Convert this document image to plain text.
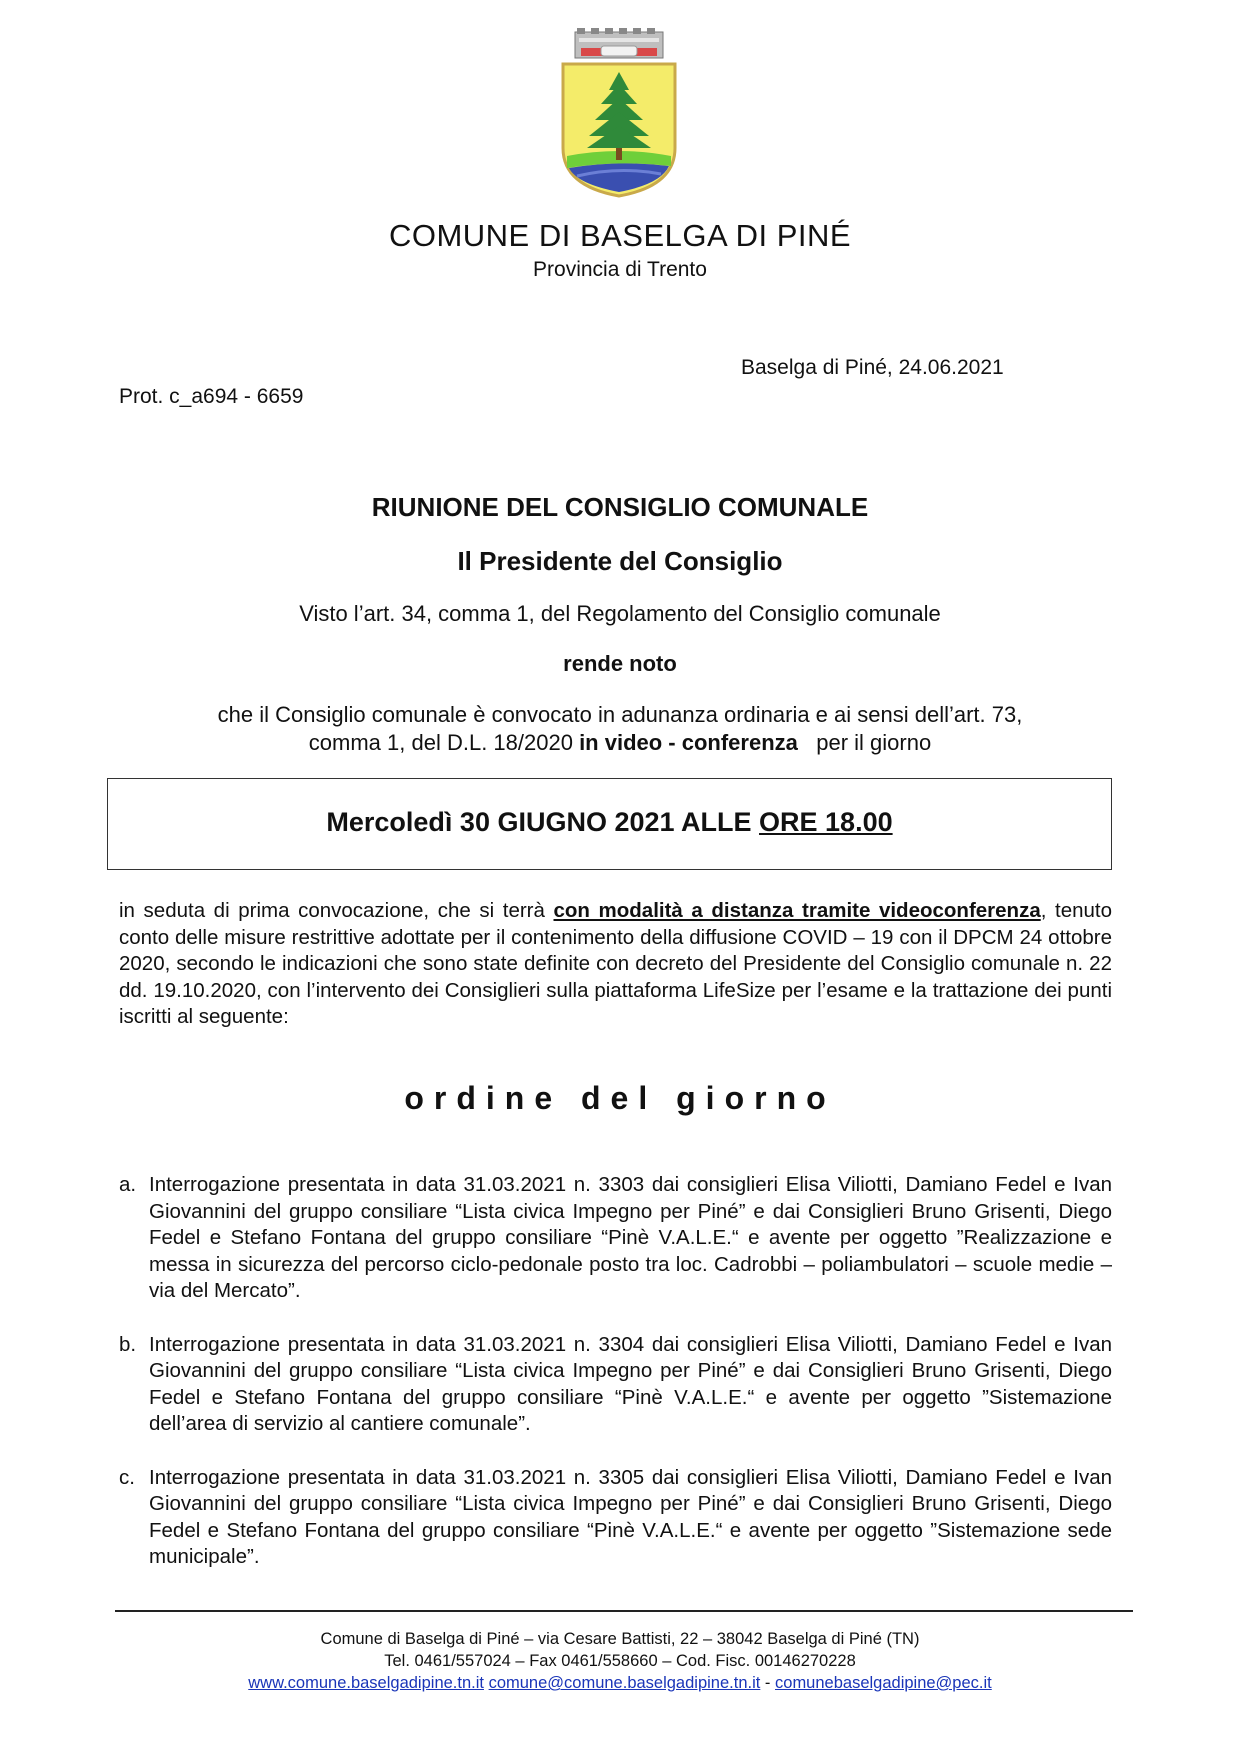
COMUNE DI BASELGA DI PINÉ
Provincia di Trento
Prot. c_a694 - 6659
Baselga di Piné, 24.06.2021
RIUNIONE DEL CONSIGLIO COMUNALE
Il Presidente del Consiglio
Visto l’art. 34, comma 1, del Regolamento del Consiglio comunale
rende noto
che il Consiglio comunale è convocato in adunanza ordinaria e ai sensi dell’art. 73,
comma 1, del D.L. 18/2020 in video - conferenza   per il giorno
Mercoledì 30 GIUGNO 2021 ALLE ORE 18.00
in seduta di prima convocazione, che si terrà con modalità a distanza tramite videoconferenza, tenuto conto delle misure restrittive adottate per il contenimento della diffusione COVID – 19 con il DPCM 24 ottobre 2020, secondo le indicazioni che sono state definite con decreto del Presidente del Consiglio comunale n. 22 dd. 19.10.2020, con l’intervento dei Consiglieri sulla piattaforma LifeSize per l’esame e la trattazione dei punti iscritti al seguente:
ordine del giorno
a. Interrogazione presentata in data 31.03.2021 n. 3303 dai consiglieri Elisa Viliotti, Damiano Fedel e Ivan Giovannini del gruppo consiliare “Lista civica Impegno per Piné” e dai Consiglieri Bruno Grisenti, Diego Fedel e Stefano Fontana del gruppo consiliare “Pinè V.A.L.E.“ e avente per oggetto ”Realizzazione e messa in sicurezza del percorso ciclo-pedonale posto tra loc. Cadrobbi – poliambulatori – scuole medie – via del Mercato”.
b. Interrogazione presentata in data 31.03.2021 n. 3304 dai consiglieri Elisa Viliotti, Damiano Fedel e Ivan Giovannini del gruppo consiliare “Lista civica Impegno per Piné” e dai Consiglieri Bruno Grisenti, Diego Fedel e Stefano Fontana del gruppo consiliare “Pinè V.A.L.E.“ e avente per oggetto ”Sistemazione dell’area di servizio al cantiere comunale”.
c. Interrogazione presentata in data 31.03.2021 n. 3305 dai consiglieri Elisa Viliotti, Damiano Fedel e Ivan Giovannini del gruppo consiliare “Lista civica Impegno per Piné” e dai Consiglieri Bruno Grisenti, Diego Fedel e Stefano Fontana del gruppo consiliare “Pinè V.A.L.E.“ e avente per oggetto ”Sistemazione sede municipale”.
Comune di Baselga di Piné – via Cesare Battisti, 22 – 38042 Baselga di Piné (TN)
Tel. 0461/557024 – Fax 0461/558660 – Cod. Fisc. 00146270228
www.comune.baselgadipine.tn.it comune@comune.baselgadipine.tn.it - comunebaselgadipine@pec.it
